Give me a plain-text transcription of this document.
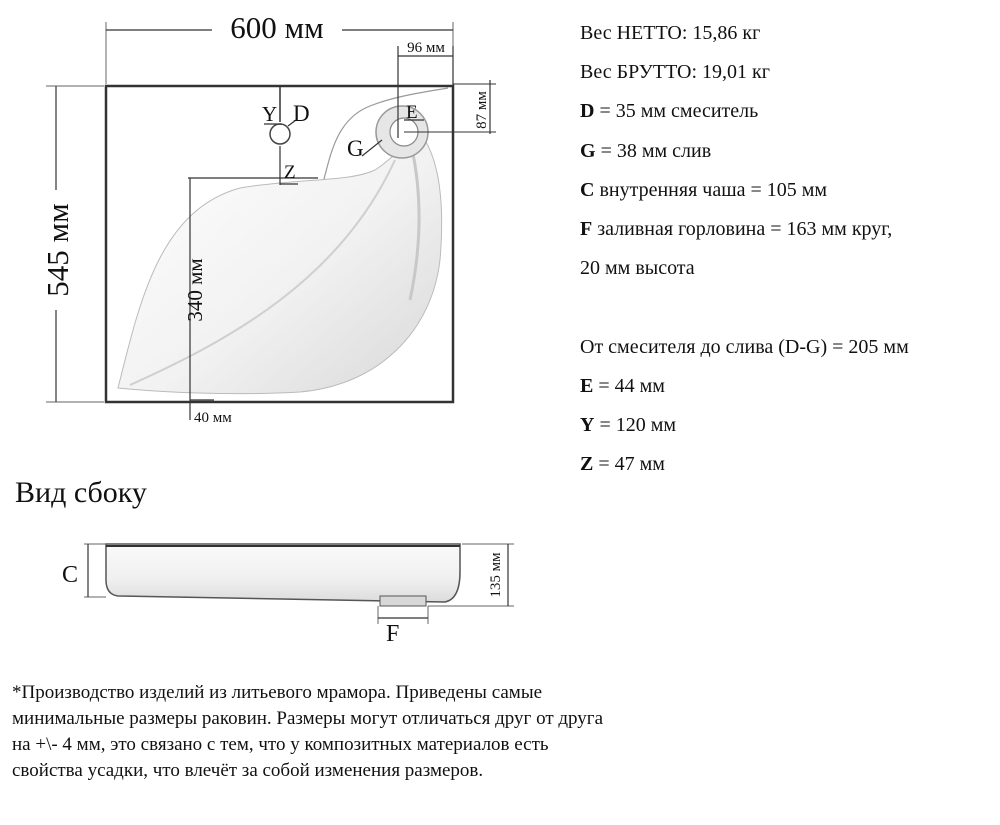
600 мм
545 мм
96 мм
87 мм
340 мм
40 мм
Y D	E
G
Z
C
F
135 мм
Вес НЕТТО: 15,86 кг
Вес БРУТТО: 19,01 кг
D = 35 мм смеситель
G = 38 мм слив
C внутренняя чаша = 105 мм
F заливная горловина = 163 мм круг,
20 мм высота
От смесителя до слива (D-G) = 205 мм
E = 44 мм
Y = 120 мм
Z = 47 мм
Вид сбоку
*Производство изделий из литьевого мрамора. Приведены самые минимальные размеры раковин. Размеры могут отличаться друг от друга на +\- 4 мм, это связано с тем, что у композитных материалов есть свойства усадки, что влечёт за собой изменения размеров.
